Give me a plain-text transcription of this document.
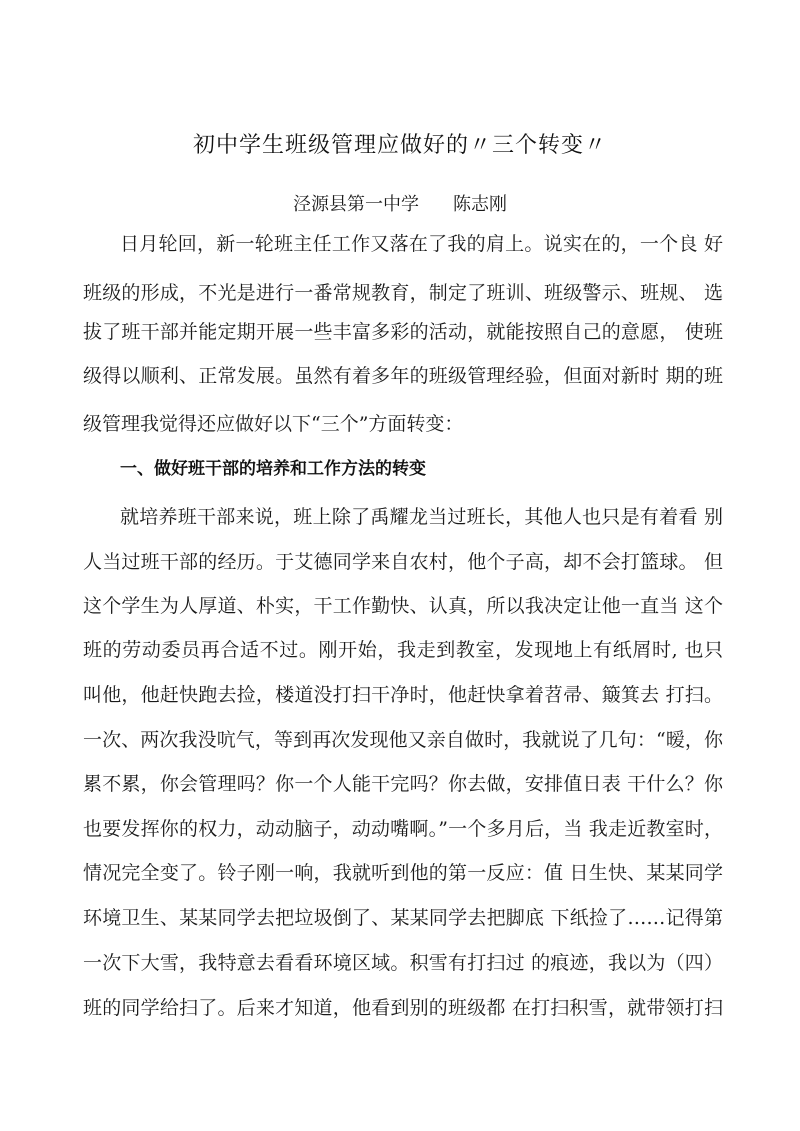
初中学生班级管理应做好的〃三个转变〃
泾源县第一中学 陈志刚
日月轮回，新一轮班主任工作又落在了我的肩上。说实在的，一个良 好
班级的形成，不光是进行一番常规教育，制定了班训、班级警示、班规、 选
拔了班干部并能定期开展一些丰富多彩的活动，就能按照自己的意愿， 使班
级得以顺利、正常发展。虽然有着多年的班级管理经验，但面对新时 期的班
级管理我觉得还应做好以下“三个”方面转变：
一、做好班干部的培养和工作方法的转变
就培养班干部来说，班上除了禹耀龙当过班长，其他人也只是有着看 别
人当过班干部的经历。于艾德同学来自农村，他个子高，却不会打篮球。 但
这个学生为人厚道、朴实，干工作勤快、认真，所以我决定让他一直当 这个
班的劳动委员再合适不过。刚开始，我走到教室，发现地上有纸屑时, 也只
叫他，他赶快跑去捡，楼道没打扫干净时，他赶快拿着苕帚、簸箕去 打扫。
一次、两次我没吭气，等到再次发现他又亲自做时，我就说了几句：“暧，你
累不累，你会管理吗？你一个人能干完吗？你去做，安排值日表 干什么？你
也要发挥你的权力，动动脑子，动动嘴啊。”一个多月后，当 我走近教室时，
情况完全变了。铃子刚一响，我就听到他的第一反应：值 日生快、某某同学
环境卫生、某某同学去把垃圾倒了、某某同学去把脚底 下纸捡了……记得第
一次下大雪，我特意去看看环境区域。积雪有打扫过 的痕迹，我以为（四）
班的同学给扫了。后来才知道，他看到别的班级都 在打扫积雪，就带领打扫
